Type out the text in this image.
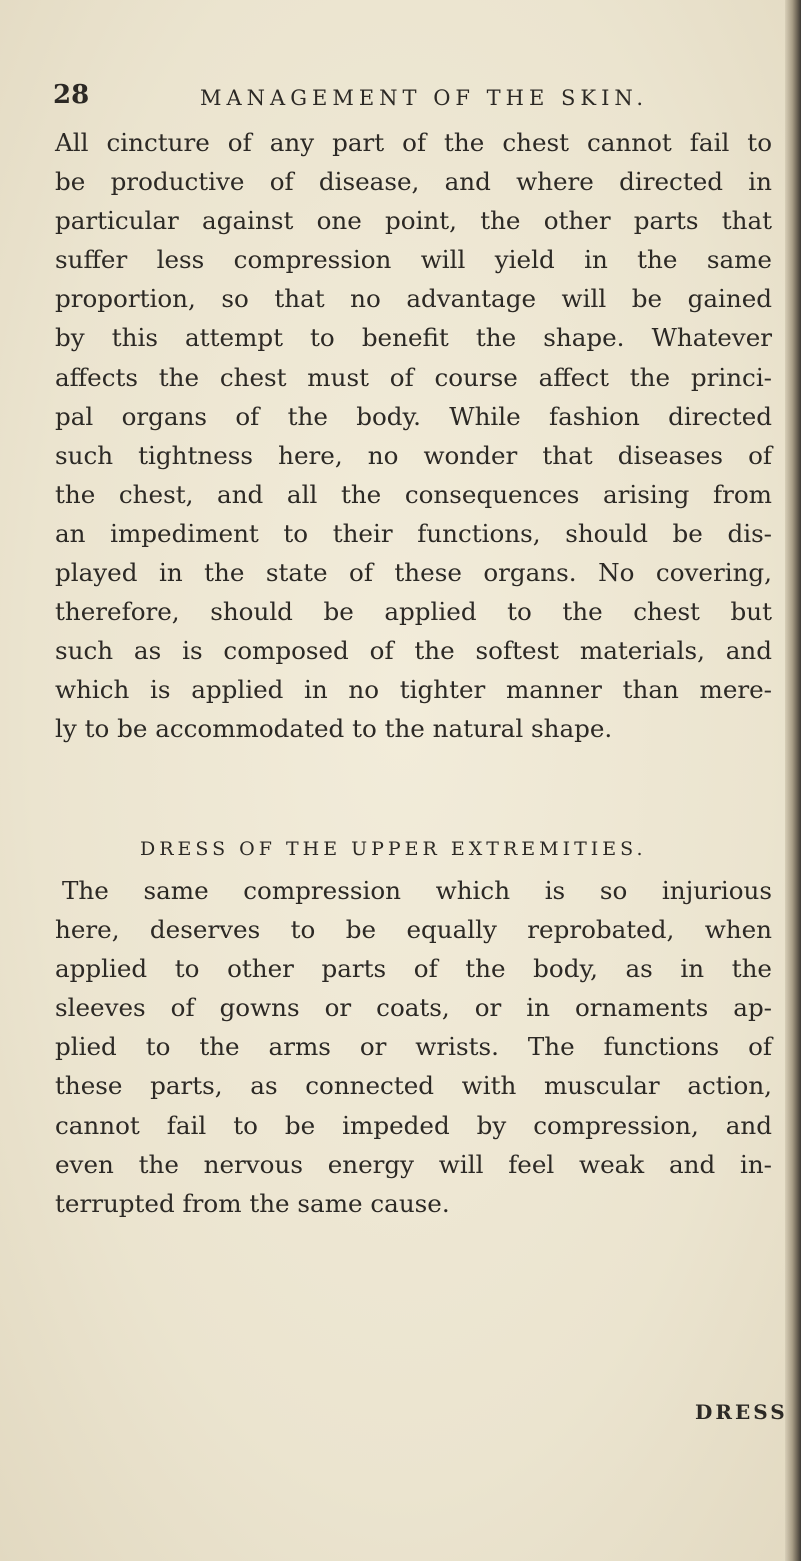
28	MANAGEMENT OF THE SKIN.

All cincture of any part of the chest cannot fail to
be productive of disease, and where directed in
particular against one point, the other parts that
suffer less compression will yield in the same
proportion, so that no advantage will be gained
by this attempt to benefit the shape. Whatever
affects the chest must of course affect the princi-
pal organs of the body. While fashion directed
such tightness here, no wonder that diseases of
the chest, and all the consequences arising from
an impediment to their functions, should be dis-
played in the state of these organs. No covering,
therefore, should be applied to the chest but
such as is composed of the softest materials, and
which is applied in no tighter manner than mere-
ly to be accommodated to the natural shape.

DRESS OF THE UPPER EXTREMITIES.

The same compression which is so injurious
here, deserves to be equally reprobated, when
applied to other parts of the body, as in the
sleeves of gowns or coats, or in ornaments ap-
plied to the arms or wrists. The functions of
these parts, as connected with muscular action,
cannot fail to be impeded by compression, and
even the nervous energy will feel weak and in-
terrupted from the same cause.

DRESS
